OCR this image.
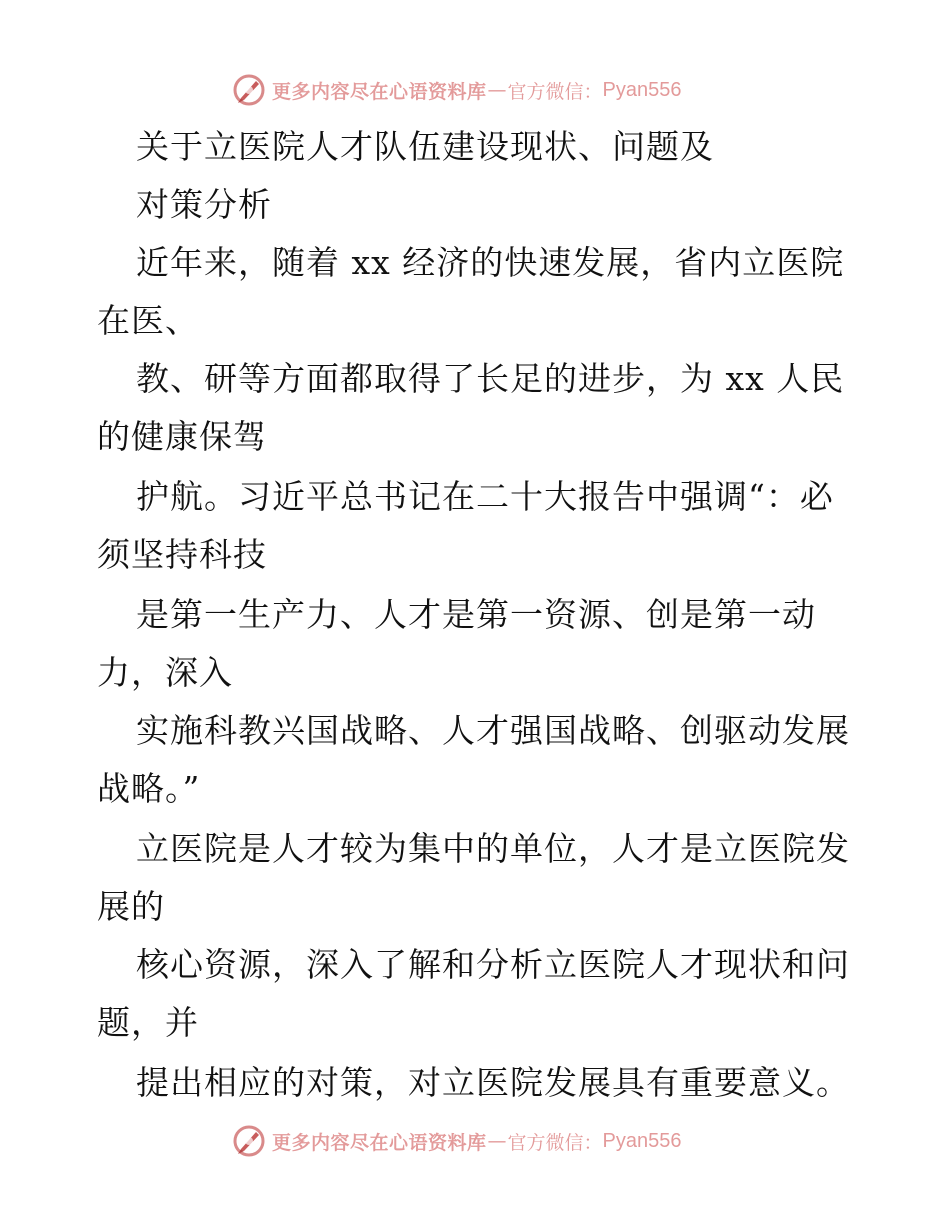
更多内容尽在心语资料库 — 官方微信： Pyan556

关于立医院人才队伍建设现状、问题及

对策分析

近年来，随着 xx 经济的快速发展，省内立医院

在医、

教、研等方面都取得了长足的进步，为 xx 人民

的健康保驾

护航。习近平总书记在二十大报告中强调“：必

须坚持科技

是第一生产力、人才是第一资源、创是第一动

力，深入

实施科教兴国战略、人才强国战略、创驱动发展

战略。”

立医院是人才较为集中的单位，人才是立医院发

展的

核心资源，深入了解和分析立医院人才现状和问

题，并

提出相应的对策，对立医院发展具有重要意义。

更多内容尽在心语资料库 — 官方微信： Pyan556
